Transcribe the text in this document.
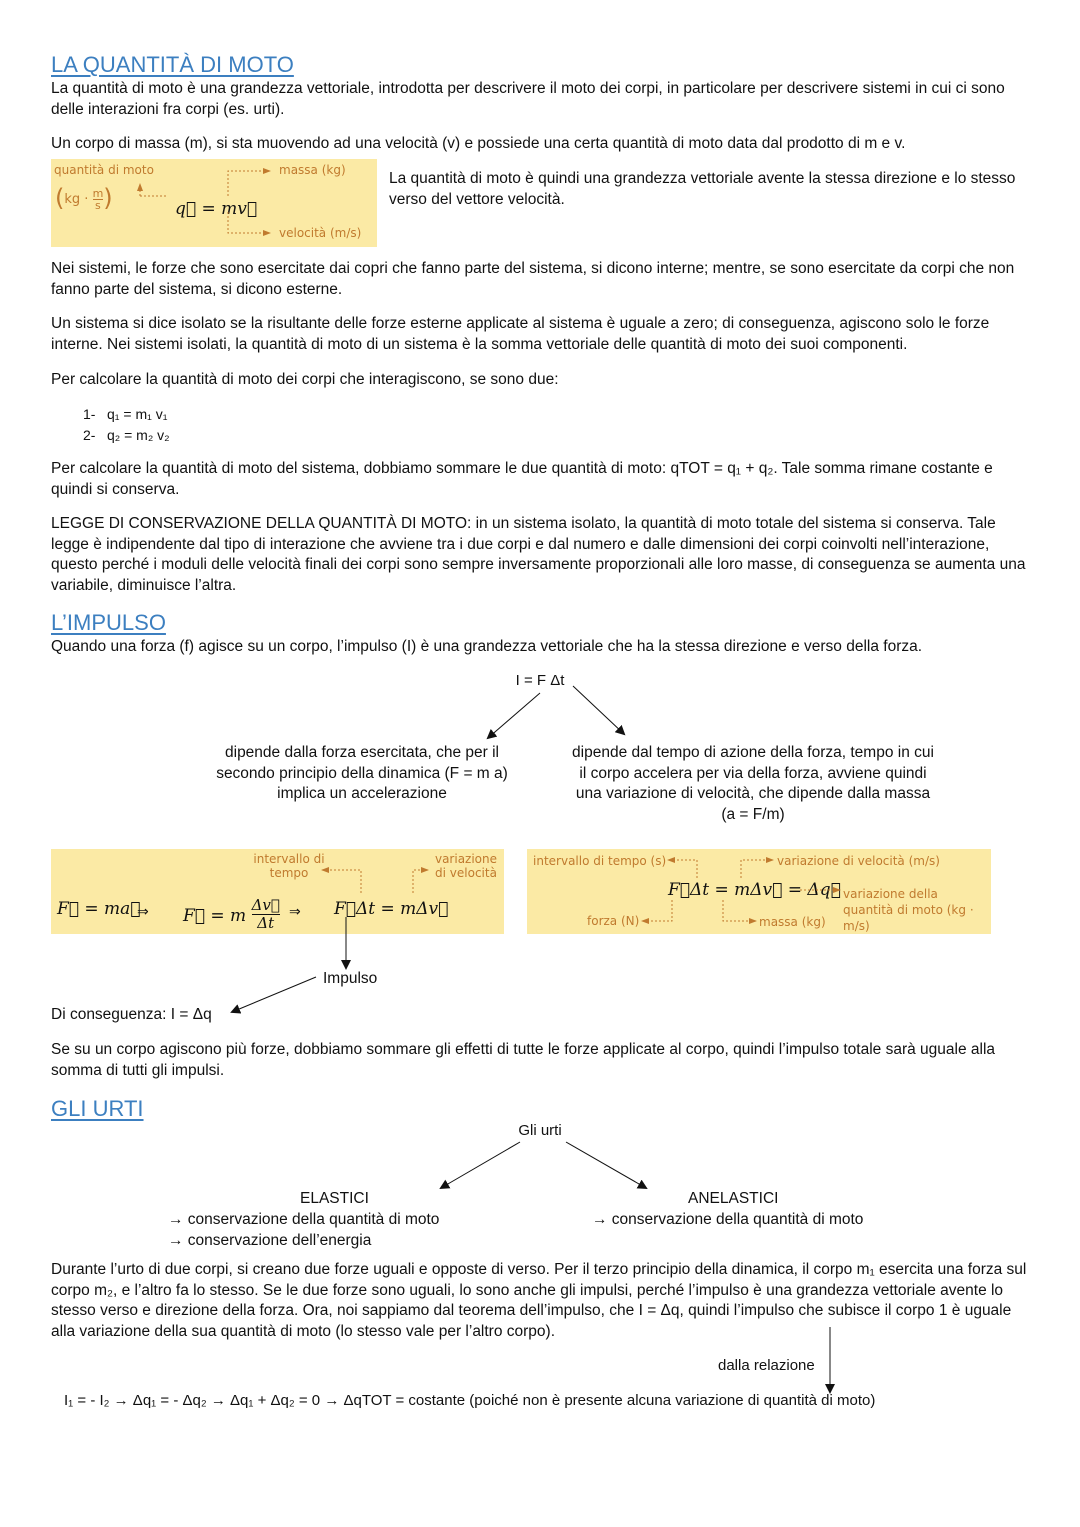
LA QUANTITÀ DI MOTO
La quantità di moto è una grandezza vettoriale, introdotta per descrivere il moto dei corpi, in particolare per descrivere sistemi in cui ci sono delle interazioni fra corpi (es. urti).
Un corpo di massa (m), si sta muovendo ad una velocità (v) e possiede una certa quantità di moto data dal prodotto di m e v.
quantità di moto
($kg \cdot \frac{m}{s}$ )	q⃗ = mv⃗
massa (kg)
velocità (m/s)
La quantità di moto è quindi una grandezza vettoriale avente la stessa direzione e lo stesso verso del vettore velocità.
Nei sistemi, le forze che sono esercitate dai copri che fanno parte del sistema, si dicono interne; mentre, se sono esercitate da corpi che non fanno parte del sistema, si dicono esterne.
Un sistema si dice isolato se la risultante delle forze esterne applicate al sistema è uguale a zero; di conseguenza, agiscono solo le forze interne. Nei sistemi isolati, la quantità di moto di un sistema è la somma vettoriale delle quantità di moto dei suoi componenti.
Per calcolare la quantità di moto dei corpi che interagiscono, se sono due:
1- q₁ = m₁ v₁
2- q₂ = m₂ v₂
Per calcolare la quantità di moto del sistema, dobbiamo sommare le due quantità di moto: qTOT = q₁ + q₂. Tale somma rimane costante e quindi si conserva.
LEGGE DI CONSERVAZIONE DELLA QUANTITÀ DI MOTO: in un sistema isolato, la quantità di moto totale del sistema si conserva. Tale legge è indipendente dal tipo di interazione che avviene tra i due corpi e dal numero e dalle dimensioni dei corpi coinvolti nell’interazione, questo perché i moduli delle velocità finali dei corpi sono sempre inversamente proporzionali alle loro masse, di conseguenza se aumenta una variabile, diminuisce l’altra.
L’IMPULSO
Quando una forza (f) agisce su un corpo, l’impulso (I) è una grandezza vettoriale che ha la stessa direzione e verso della forza.
I = F Δt
dipende dalla forza esercitata, che per il secondo principio della dinamica (F = m a) implica un accelerazione
dipende dal tempo di azione della forza, tempo in cui il corpo accelera per via della forza, avviene quindi una variazione di velocità, che dipende dalla massa (a = F/m)
F⃗ = ma⃗
⇒ F⃗ = m $\frac{\Delta v⃗}{\Delta t}$ ⇒ F⃗Δt = mΔv⃗
intervallo di tempo
variazione di velocità
intervallo di tempo (s)	variazione di velocità (m/s)
F⃗Δt = mΔv⃗ = Δq⃗ variazione della quantità di moto (kg · m/s)
forza (N)	massa (kg)
Impulso
Di conseguenza: I = Δq
Se su un corpo agiscono più forze, dobbiamo sommare gli effetti di tutte le forze applicate al corpo, quindi l’impulso totale sarà uguale alla somma di tutti gli impulsi.
GLI URTI
Gli urti
ELASTICI
→ conservazione della quantità di moto
→ conservazione dell’energia
ANELASTICI
→ conservazione della quantità di moto
Durante l’urto di due corpi, si creano due forze uguali e opposte di verso. Per il terzo principio della dinamica, il corpo m₁ esercita una forza sul corpo m₂, e l’altro fa lo stesso. Se le due forze sono uguali, lo sono anche gli impulsi, perché l’impulso è una grandezza vettoriale avente lo stesso verso e direzione della forza. Ora, noi sappiamo dal teorema dell’impulso, che I = Δq, quindi l’impulso che subisce il corpo 1 è uguale alla variazione della sua quantità di moto (lo stesso vale per l’altro corpo).
dalla relazione
I₁ = - I₂ → Δq₁ = - Δq₂ → Δq₁ + Δq₂ = 0 → ΔqTOT = costante (poiché non è presente alcuna variazione di quantità di moto)
